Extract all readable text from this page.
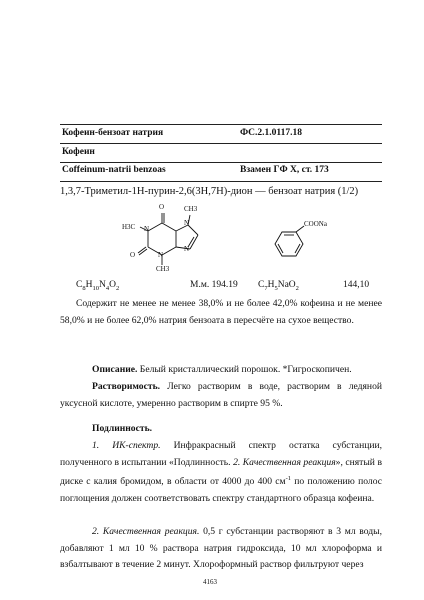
Кофеин-бензоат натрия	ФС.2.1.0117.18
Кофеин
Coffeinum-natrii benzoas	Взамен ГФ X, ст. 173
1,3,7-Триметил-1H-пурин-2,6(3H,7H)-дион — бензоат натрия (1/2)
CH3
H3C N
N
N
N
O
O
CH3
COONa
$C_8H_{10}N_4O_2$	М.м. 194.19 $C_7H_5NaO_2$	144,10
Содержит не менее не менее 38,0% и не более 42,0% кофеина и не менее 58,0% и не более 62,0% натрия бензоата в пересчёте на сухое вещество.
Описание. Белый кристаллический порошок. *Гигроскопичен.
Растворимость. Легко растворим в воде, растворим в ледяной уксусной кислоте, умеренно растворим в спирте 95 %.
Подлинность.
1. ИК-спектр. Инфракрасный спектр остатка субстанции, полученного в испытании «Подлинность. 2. Качественная реакция», снятый в диске с калия бромидом, в области от 4000 до 400 $см^{-1}$ по положению полос поглощения должен соответствовать спектру стандартного образца кофеина.
2. Качественная реакция. 0,5 г субстанции растворяют в 3 мл воды, добавляют 1 мл 10 % раствора натрия гидроксида, 10 мл хлороформа и взбалтывают в течение 2 минут. Хлороформный раствор фильтруют через
4163
